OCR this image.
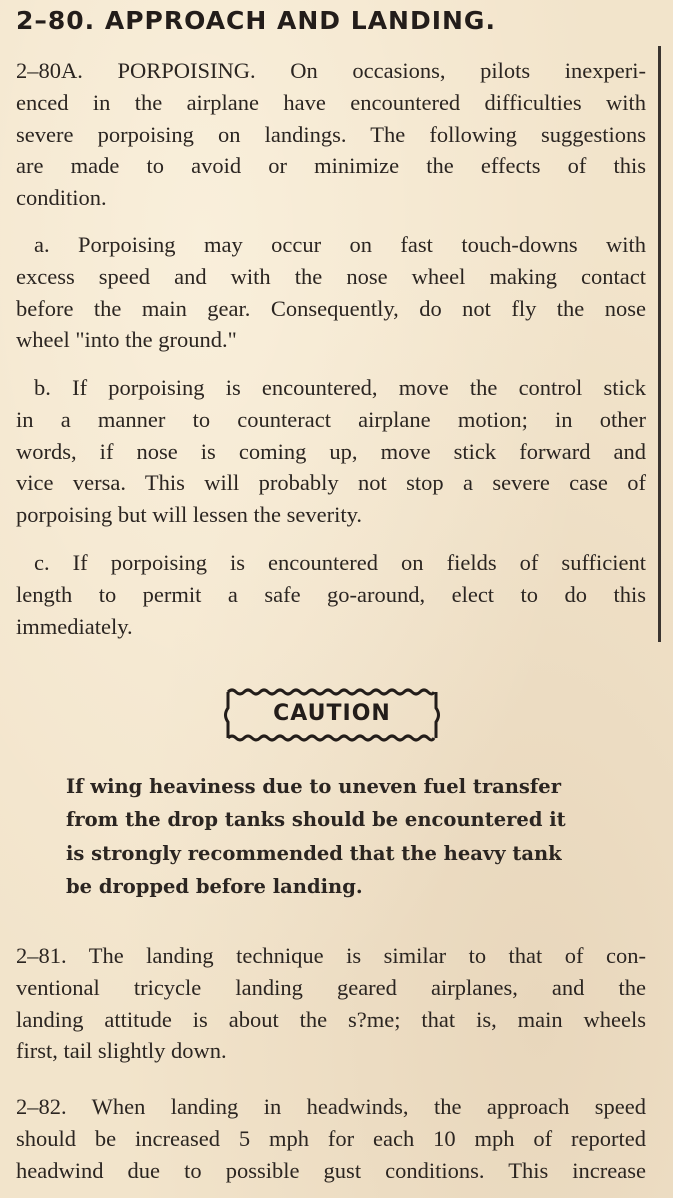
2–80. APPROACH AND LANDING.
2–80A. PORPOISING. On occasions, pilots inexperi-
enced in the airplane have encountered difficulties with
severe porpoising on landings. The following suggestions
are made to avoid or minimize the effects of this
condition.
a. Porpoising may occur on fast touch-downs with
excess speed and with the nose wheel making contact
before the main gear. Consequently, do not fly the nose
wheel "into the ground."
b. If porpoising is encountered, move the control stick
in a manner to counteract airplane motion; in other
words, if nose is coming up, move stick forward and
vice versa. This will probably not stop a severe case of
porpoising but will lessen the severity.
c. If porpoising is encountered on fields of sufficient
length to permit a safe go-around, elect to do this
immediately.
CAUTION
If wing heaviness due to uneven fuel transfer
from the drop tanks should be encountered it
is strongly recommended that the heavy tank
be dropped before landing.
2–81. The landing technique is similar to that of con-
ventional tricycle landing geared airplanes, and the
landing attitude is about the s?me; that is, main wheels
first, tail slightly down.
2–82. When landing in headwinds, the approach speed
should be increased 5 mph for each 10 mph of reported
headwind due to possible gust conditions. This increase
